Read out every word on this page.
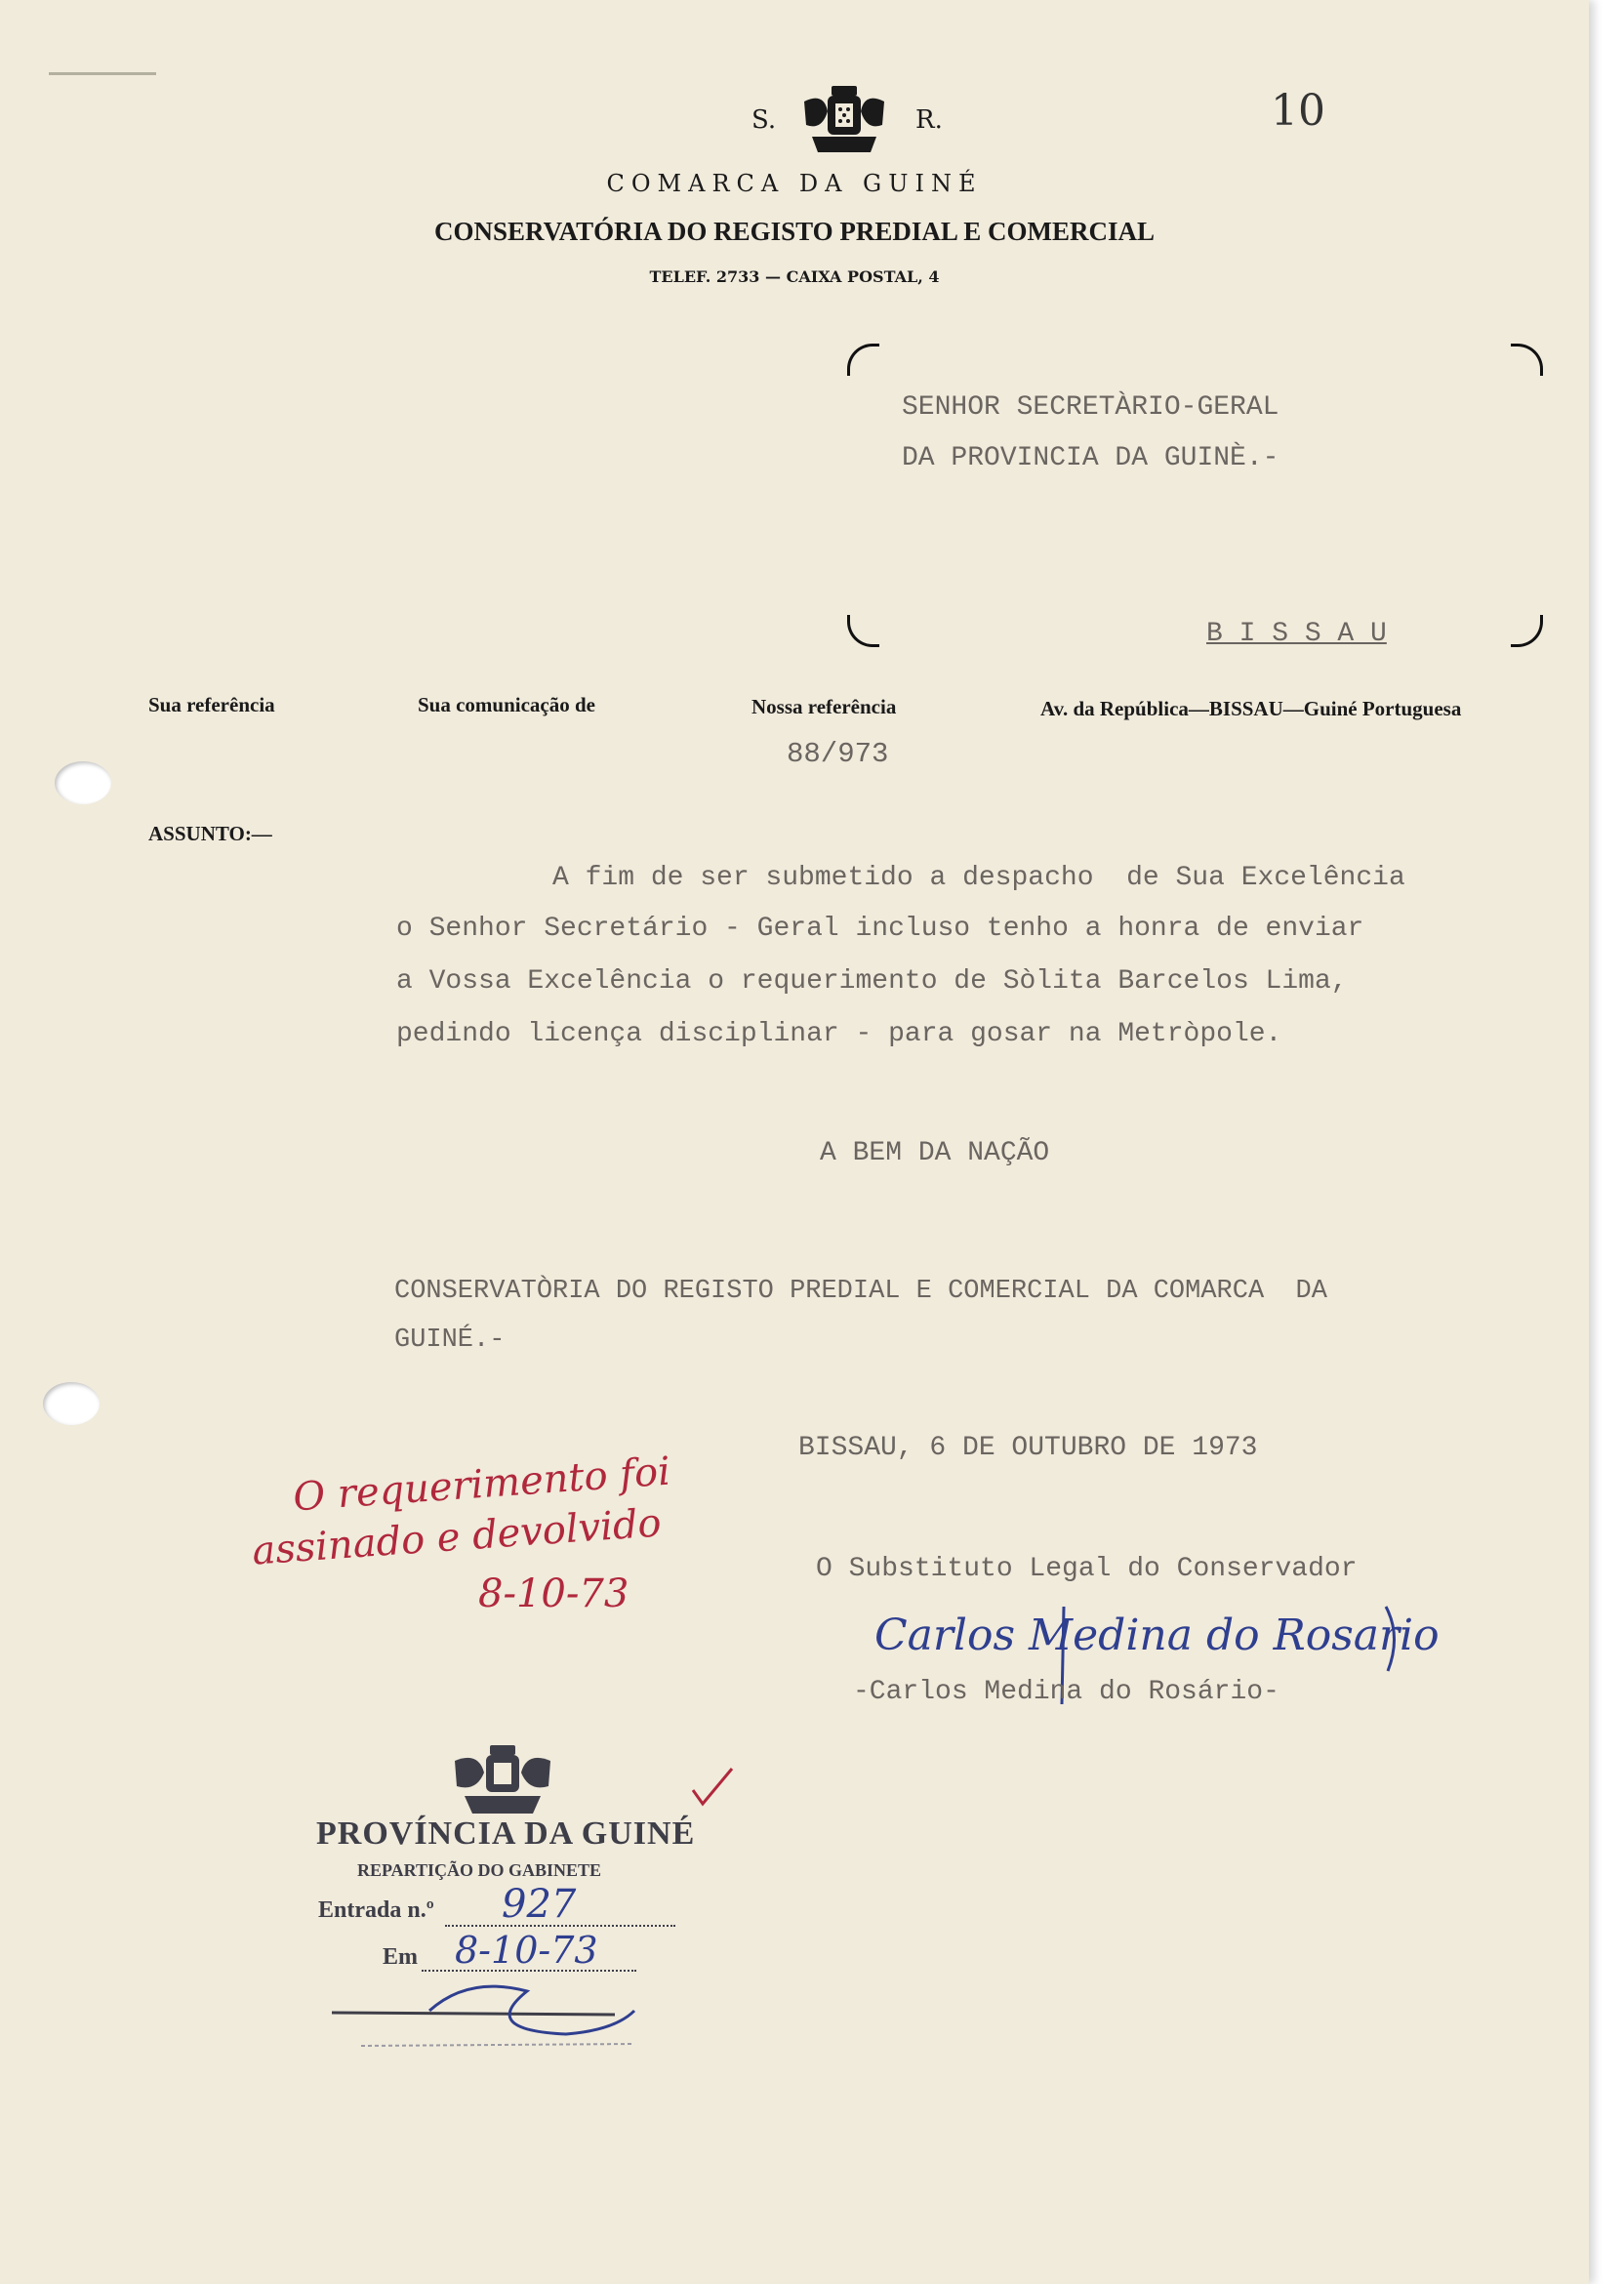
S.	R.	10
COMARCA DA GUINÉ
CONSERVATÓRIA DO REGISTO PREDIAL E COMERCIAL
TELEF. 2733 — CAIXA POSTAL, 4
SENHOR SECRETÀRIO-GERAL
DA PROVINCIA DA GUINÈ.-
B I S S A U
Sua referência	Sua comunicação de	Nossa referência
88/973
Av. da República—BISSAU—Guiné Portuguesa
ASSUNTO:—
A fim de ser submetido a despacho  de Sua Excelência
o Senhor Secretário - Geral incluso tenho a honra de enviar
a Vossa Excelência o requerimento de Sòlita Barcelos Lima,
pedindo licença disciplinar - para gosar na Metròpole.
A BEM DA NAÇÃO
CONSERVATÒRIA DO REGISTO PREDIAL E COMERCIAL DA COMARCA  DA
GUINÉ.-
BISSAU, 6 DE OUTUBRO DE 1973
O Substituto Legal do Conservador
Carlos Medina do Rosario
-Carlos Medina do Rosário-
O requerimento foi
assinado e devolvido
8-10-73
PROVÍNCIA DA GUINÉ
REPARTIÇÃO DO GABINETE
Entrada n.º 927
Em 8-10-73
